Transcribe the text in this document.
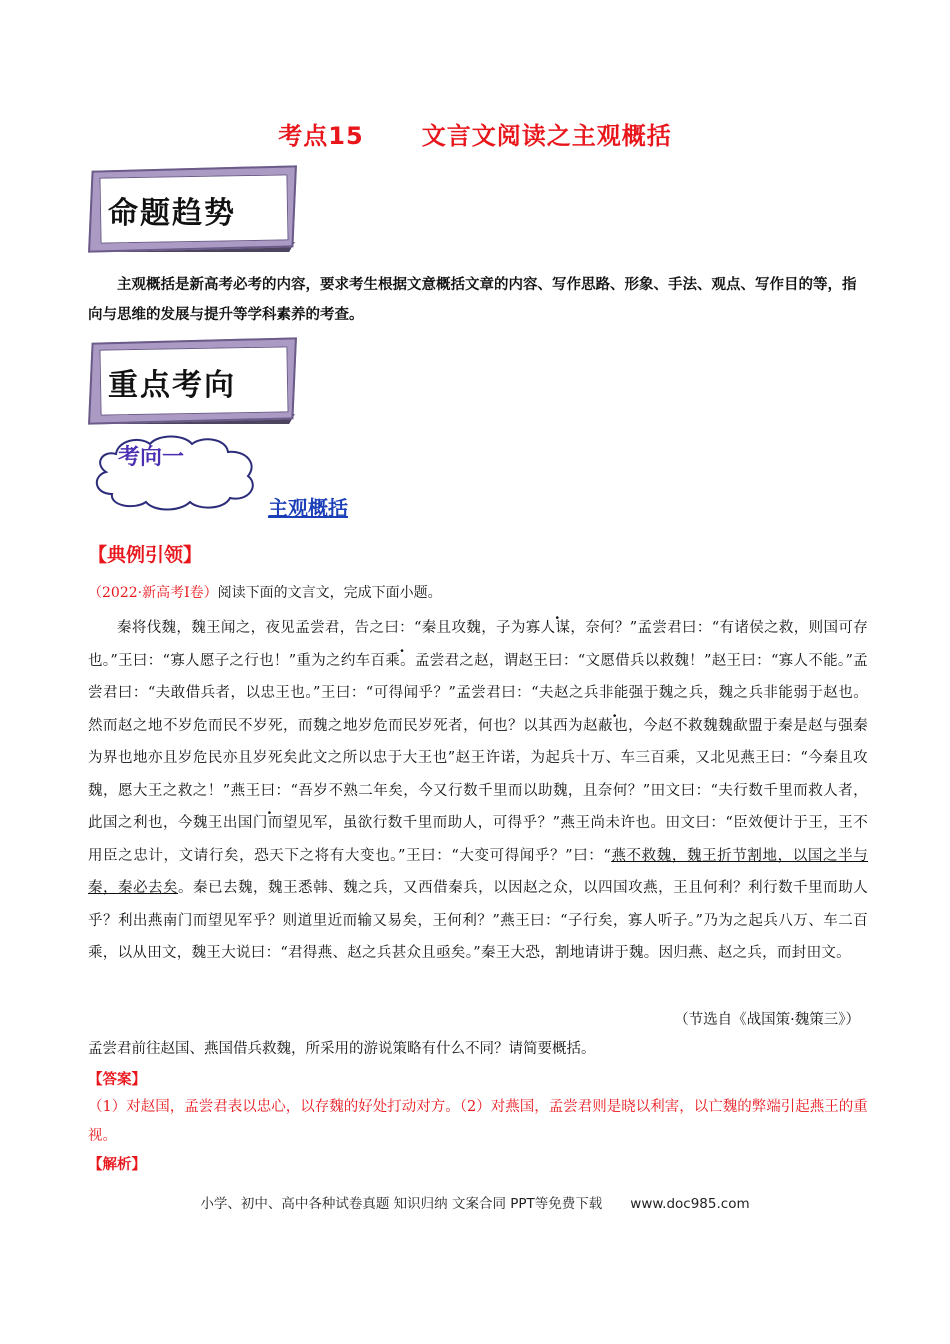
考点15 文言文阅读之主观概括
命题趋势
主观概括是新高考必考的内容，要求考生根据文意概括文章的内容、写作思路、形象、手法、观点、写作目的等，指向与思维的发展与提升等学科素养的考查。
重点考向
考向一
主观概括
【典例引领】
（2022·新高考Ⅰ卷）阅读下面的文言文，完成下面小题。
秦将伐魏，魏王闻之，夜见孟尝君，告之曰：“秦且攻魏，子为寡人谋，奈何？”孟尝君曰：“有诸侯之救，则国可存也。”王曰：“寡人愿子之行也！”重为之约车百乘。孟尝君之赵，谓赵王曰：“文愿借兵以救魏！”赵王曰：“寡人不能。”孟尝君曰：“夫敢借兵者，以忠王也。”王曰：“可得闻乎？”孟尝君曰：“夫赵之兵非能强于魏之兵，魏之兵非能弱于赵也。然而赵之地不岁危而民不岁死，而魏之地岁危而民岁死者，何也？以其西为赵蔽也，今赵不救魏魏歃盟于秦是赵与强秦为界也地亦且岁危民亦且岁死矣此文之所以忠于大王也”赵王许诺，为起兵十万、车三百乘，又北见燕王曰：“今秦且攻魏，愿大王之救之！”燕王曰：“吾岁不熟二年矣，今又行数千里而以助魏，且奈何？”田文曰：“夫行数千里而救人者，此国之利也，今魏王出国门而望见军，虽欲行数千里而助人，可得乎？”燕王尚未许也。田文曰：“臣效便计于王，王不用臣之忠计，文请行矣，恐天下之将有大变也。”王曰：“大变可得闻乎？”曰：“燕不救魏，魏王折节割地，以国之半与秦，秦必去矣。秦已去魏，魏王悉韩、魏之兵，又西借秦兵，以因赵之众，以四国攻燕，王且何利？利行数千里而助人乎？利出燕南门而望见军乎？则道里近而输又易矣，王何利？”燕王曰：“子行矣，寡人听子。”乃为之起兵八万、车二百乘，以从田文，魏王大说曰：“君得燕、赵之兵甚众且亟矣。”秦王大恐，割地请讲于魏。因归燕、赵之兵，而封田文。
（节选自《战国策·魏策三》）
孟尝君前往赵国、燕国借兵救魏，所采用的游说策略有什么不同？请简要概括。
【答案】
（1）对赵国，孟尝君表以忠心，以存魏的好处打动对方。（2）对燕国，孟尝君则是晓以利害，以亡魏的弊端引起燕王的重视。
【解析】
小学、初中、高中各种试卷真题 知识归纳 文案合同 PPT等免费下载 www.doc985.com
